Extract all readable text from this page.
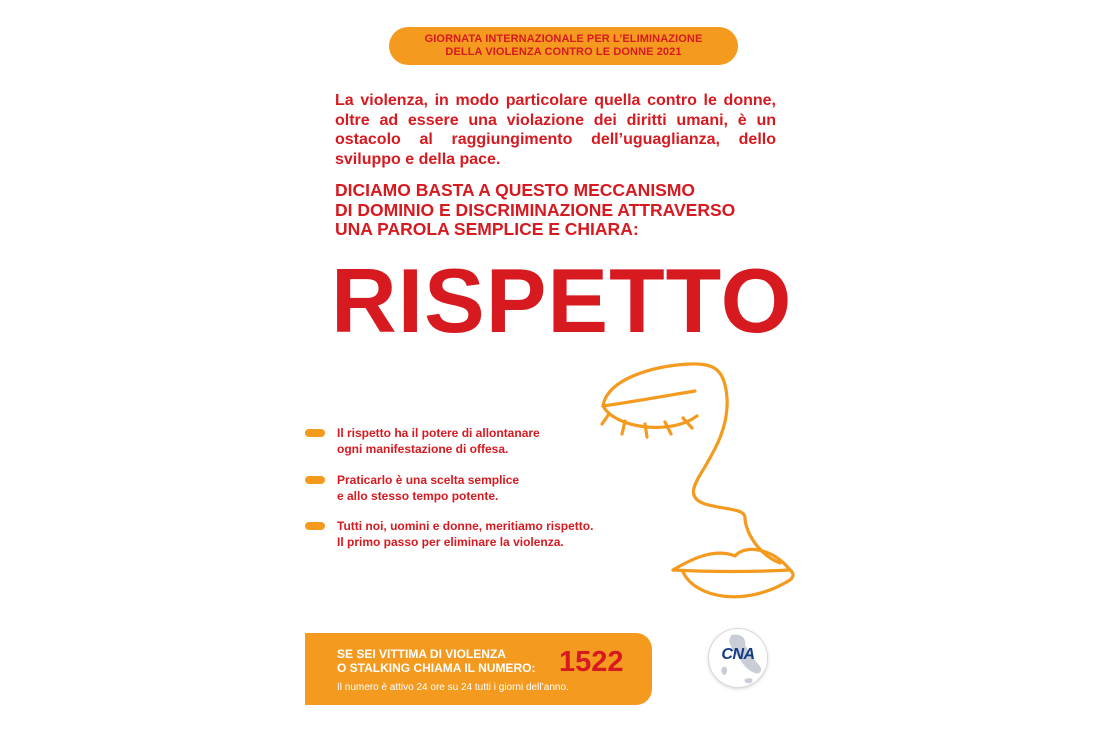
GIORNATA INTERNAZIONALE PER L’ELIMINAZIONE
DELLA VIOLENZA CONTRO LE DONNE 2021

La violenza, in modo particolare quella contro le donne, oltre ad essere una violazione dei diritti umani, è un ostacolo al raggiungimento dell’uguaglianza, dello sviluppo e della pace.

DICIAMO BASTA A QUESTO MECCANISMO
DI DOMINIO E DISCRIMINAZIONE ATTRAVERSO
UNA PAROLA SEMPLICE E CHIARA:
RISPETTO
Il rispetto ha il potere di allontanare
ogni manifestazione di offesa.
Praticarlo è una scelta semplice
e allo stesso tempo potente.
Tutti noi, uomini e donne, meritiamo rispetto.
Il primo passo per eliminare la violenza.
SE SEI VITTIMA DI VIOLENZA
O STALKING CHIAMA IL NUMERO: 1522
Il numero è attivo 24 ore su 24 tutti i giorni dell’anno.
CNA
